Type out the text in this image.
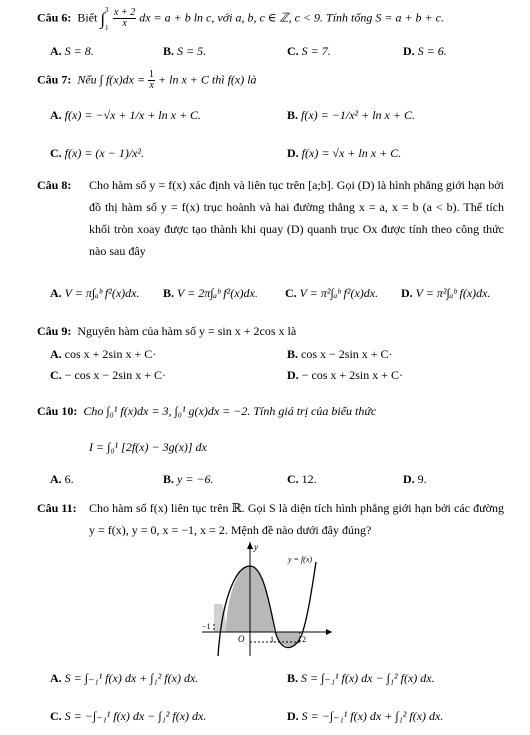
Câu 6: Biết ∫ 3
$1 \frac{x + 2}{x}$ dx = a + b ln c, với a, b, c ∈ ℤ, c < 9. Tính tổng S = a + b + c.
A. S = 8.	B. S = 5.	C. S = 7.	D. S = 6.
Câu 7: Nếu ∫ $f(x)dx = \frac{1}{x} + \ln x + C$ thì f(x) là
A. f(x) = −√x + 1/x + ln x + C.	B. f(x) = −1/x² + ln x + C.
C. f(x) = (x − 1)/x².	D. f(x) = √x + ln x + C.
Câu 8: Cho hàm số y = f(x) xác định và liên tục trên [a;b]. Gọi (D) là hình phẳng giới hạn bởi đồ thị hàm số y = f(x) trục hoành và hai đường thẳng x = a, x = b (a < b). Thể tích khối tròn xoay được tạo thành khi quay (D) quanh trục Ox được tính theo công thức nào sau đây
A. V = π∫ₐᵇ f²(x)dx. B. V = 2π∫ₐᵇ f²(x)dx. C. V = π²∫ₐᵇ f²(x)dx. D. V = π²∫ₐᵇ f(x)dx.
Câu 9: Nguyên hàm của hàm số y = sin x + 2cos x là
A. cos x + 2sin x + C·	B. cos x − 2sin x + C·
C. − cos x − 2sin x + C·	D. − cos x + 2sin x + C·
Câu 10: Cho ∫₀¹ f(x)dx = 3, ∫₀¹ g(x)dx = −2. Tính giá trị của biểu thức
I = ∫₀¹ [2f(x) − 3g(x)] dx
A. 6.	B. y = −6.	C. 12.	D. 9.
Câu 11: Cho hàm số f(x) liên tục trên ℝ. Gọi S là diện tích hình phẳng giới hạn bởi các đường y = f(x), y = 0, x = −1, x = 2. Mệnh đề nào dưới đây đúng?
y
y = f(x)
O
−1
1	2
A. S = ∫₋₁¹ f(x) dx + ∫₁² f(x) dx.	B. S = ∫₋₁¹ f(x) dx − ∫₁² f(x) dx.
C. S = −∫₋₁¹ f(x) dx − ∫₁² f(x) dx.	D. S = −∫₋₁¹ f(x) dx + ∫₁² f(x) dx.
